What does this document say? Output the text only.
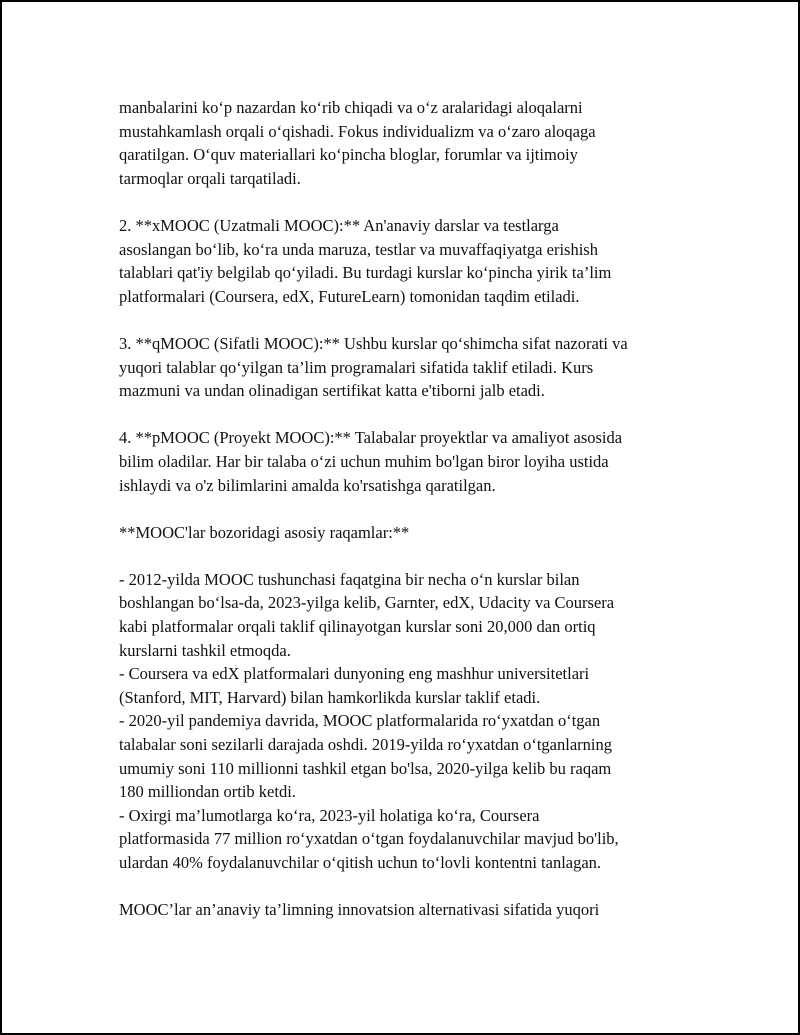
manbalarini ko‘p nazardan ko‘rib chiqadi va o‘z aralaridagi aloqalarni
mustahkamlash orqali o‘qishadi. Fokus individualizm va o‘zaro aloqaga
qaratilgan. O‘quv materiallari ko‘pincha bloglar, forumlar va ijtimoiy
tarmoqlar orqali tarqatiladi.
2. **xMOOC (Uzatmali MOOC):** An'anaviy darslar va testlarga
asoslangan bo‘lib, ko‘ra unda maruza, testlar va muvaffaqiyatga erishish
talablari qat'iy belgilab qo‘yiladi. Bu turdagi kurslar ko‘pincha yirik ta’lim
platformalari (Coursera, edX, FutureLearn) tomonidan taqdim etiladi.
3. **qMOOC (Sifatli MOOC):** Ushbu kurslar qo‘shimcha sifat nazorati va
yuqori talablar qo‘yilgan ta’lim programalari sifatida taklif etiladi. Kurs
mazmuni va undan olinadigan sertifikat katta e'tiborni jalb etadi.
4. **pMOOC (Proyekt MOOC):** Talabalar proyektlar va amaliyot asosida
bilim oladilar. Har bir talaba o‘zi uchun muhim bo'lgan biror loyiha ustida
ishlaydi va o'z bilimlarini amalda ko'rsatishga qaratilgan.
**MOOC'lar bozoridagi asosiy raqamlar:**
- 2012-yilda MOOC tushunchasi faqatgina bir necha o‘n kurslar bilan
boshlangan bo‘lsa-da, 2023-yilga kelib, Garnter, edX, Udacity va Coursera
kabi platformalar orqali taklif qilinayotgan kurslar soni 20,000 dan ortiq
kurslarni tashkil etmoqda.
- Coursera va edX platformalari dunyoning eng mashhur universitetlari
(Stanford, MIT, Harvard) bilan hamkorlikda kurslar taklif etadi.
- 2020-yil pandemiya davrida, MOOC platformalarida ro‘yxatdan o‘tgan
talabalar soni sezilarli darajada oshdi. 2019-yilda ro‘yxatdan o‘tganlarning
umumiy soni 110 millionni tashkil etgan bo'lsa, 2020-yilga kelib bu raqam
180 milliondan ortib ketdi.
- Oxirgi ma’lumotlarga ko‘ra, 2023-yil holatiga ko‘ra, Coursera
platformasida 77 million ro‘yxatdan o‘tgan foydalanuvchilar mavjud bo'lib,
ulardan 40% foydalanuvchilar o‘qitish uchun to‘lovli kontentni tanlagan.
MOOC’lar an’anaviy ta’limning innovatsion alternativasi sifatida yuqori
